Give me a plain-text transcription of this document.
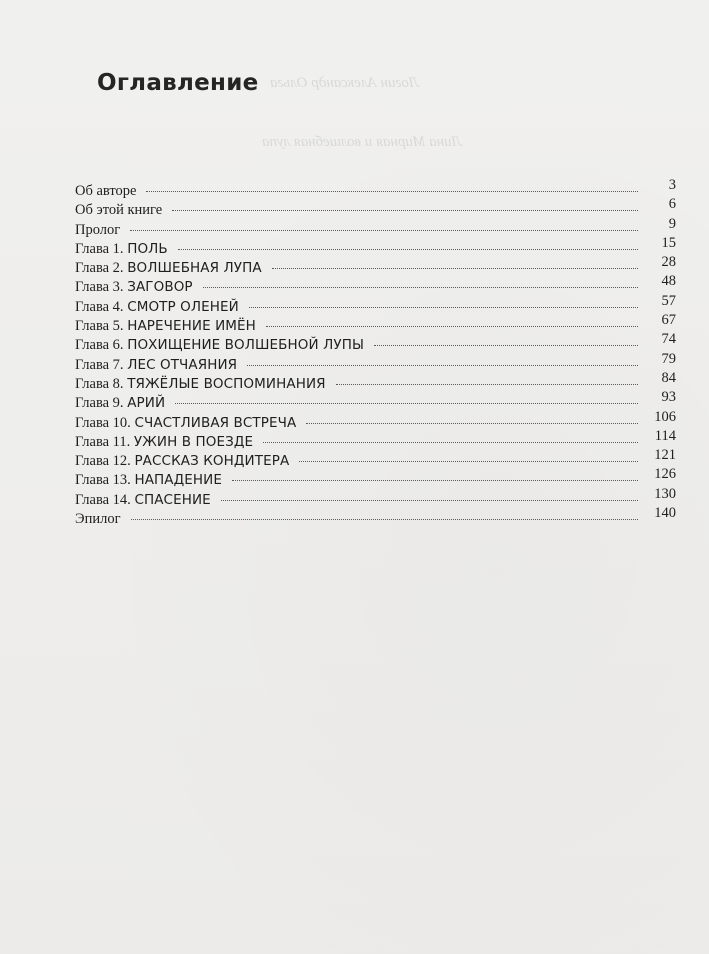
Логин Александр Ольга
Лина Мирная и волшебная лупа
Оглавление
Об авторе	3
Об этой книге	6
Пролог	9
Глава 1. ПОЛЬ	15
Глава 2. ВОЛШЕБНАЯ ЛУПА	28
Глава 3. ЗАГОВОР	48
Глава 4. СМОТР ОЛЕНЕЙ	57
Глава 5. НАРЕЧЕНИЕ ИМЁН	67
Глава 6. ПОХИЩЕНИЕ ВОЛШЕБНОЙ ЛУПЫ	74
Глава 7. ЛЕС ОТЧАЯНИЯ	79
Глава 8. ТЯЖЁЛЫЕ ВОСПОМИНАНИЯ	84
Глава 9. АРИЙ	93
Глава 10. СЧАСТЛИВАЯ ВСТРЕЧА	106
Глава 11. УЖИН В ПОЕЗДЕ	114
Глава 12. РАССКАЗ КОНДИТЕРА	121
Глава 13. НАПАДЕНИЕ	126
Глава 14. СПАСЕНИЕ	130
Эпилог	140
